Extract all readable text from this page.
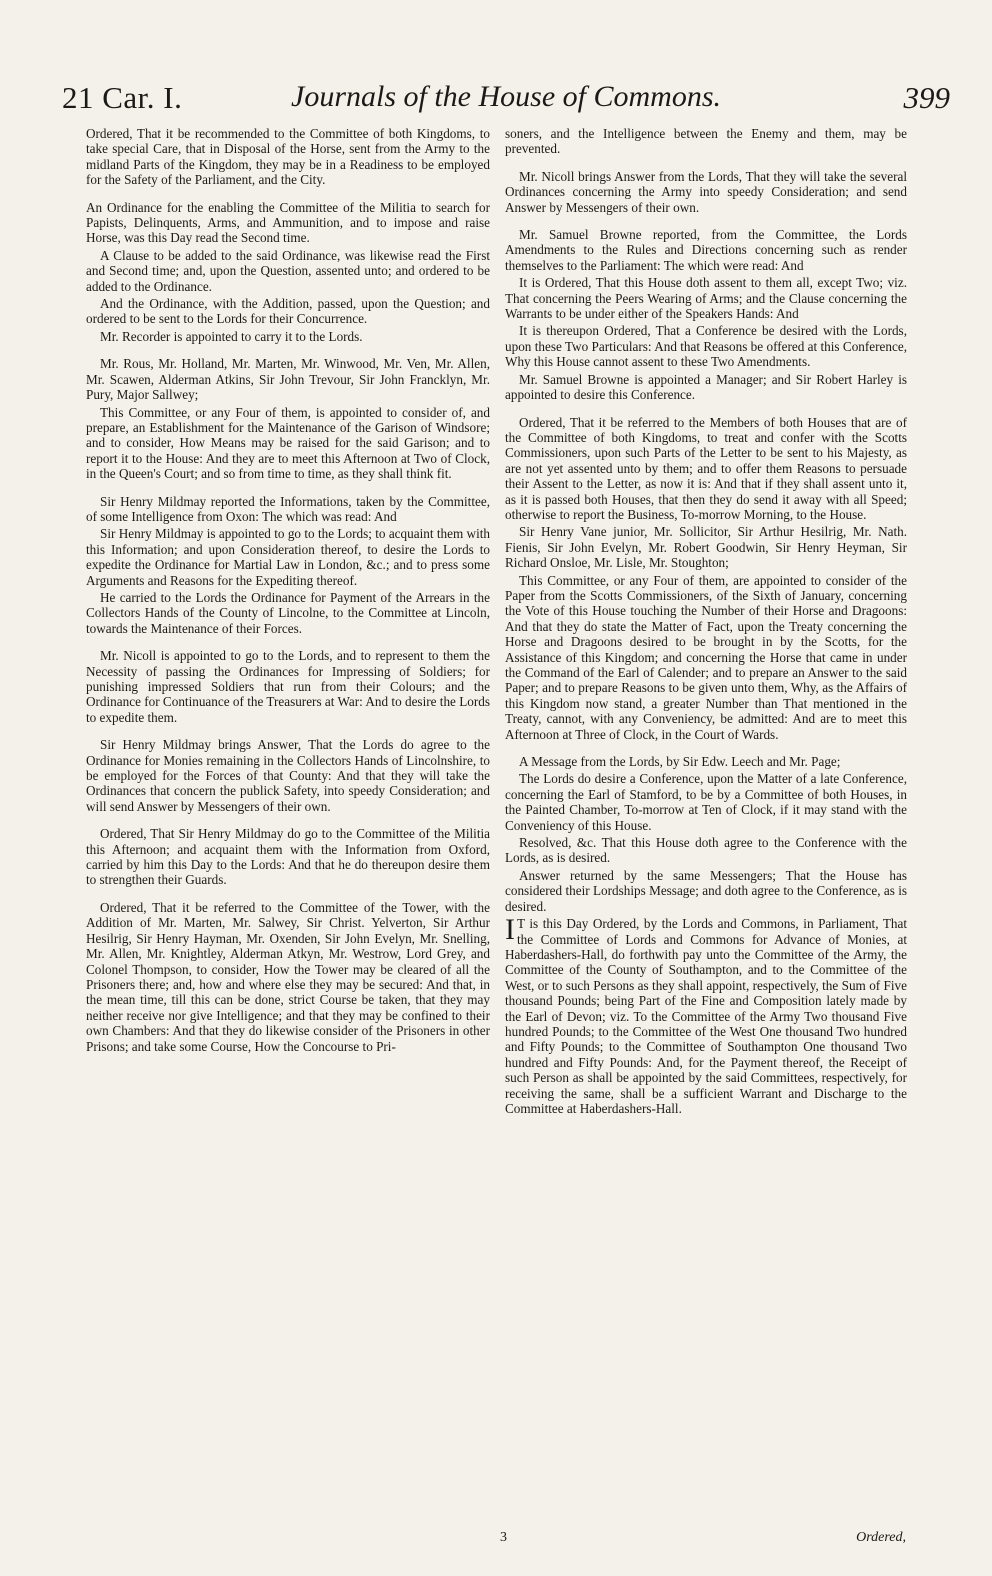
21 Car. I.	Journals of the House of Commons.	399

Ordered, That it be recommended to the Committee of both Kingdoms, to take special Care, that in Disposal of the Horse, sent from the Army to the midland Parts of the Kingdom, they may be in a Readiness to be employed for the Safety of the Parliament, and the City.

An Ordinance for the enabling the Committee of the Militia to search for Papists, Delinquents, Arms, and Ammunition, and to impose and raise Horse, was this Day read the Second time.

A Clause to be added to the said Ordinance, was likewise read the First and Second time; and, upon the Question, assented unto; and ordered to be added to the Ordinance.

And the Ordinance, with the Addition, passed, upon the Question; and ordered to be sent to the Lords for their Concurrence.

Mr. Recorder is appointed to carry it to the Lords.

Mr. Rous, Mr. Holland, Mr. Marten, Mr. Winwood, Mr. Ven, Mr. Allen, Mr. Scawen, Alderman Atkins, Sir John Trevour, Sir John Francklyn, Mr. Pury, Major Sallwey;

This Committee, or any Four of them, is appointed to consider of, and prepare, an Establishment for the Maintenance of the Garison of Windsore; and to consider, How Means may be raised for the said Garison; and to report it to the House: And they are to meet this Afternoon at Two of Clock, in the Queen's Court; and so from time to time, as they shall think fit.

Sir Henry Mildmay reported the Informations, taken by the Committee, of some Intelligence from Oxon: The which was read: And

Sir Henry Mildmay is appointed to go to the Lords; to acquaint them with this Information; and upon Consideration thereof, to desire the Lords to expedite the Ordinance for Martial Law in London, &c.; and to press some Arguments and Reasons for the Expediting thereof.

He carried to the Lords the Ordinance for Payment of the Arrears in the Collectors Hands of the County of Lincolne, to the Committee at Lincoln, towards the Maintenance of their Forces.

Mr. Nicoll is appointed to go to the Lords, and to represent to them the Necessity of passing the Ordinances for Impressing of Soldiers; for punishing impressed Soldiers that run from their Colours; and the Ordinance for Continuance of the Treasurers at War: And to desire the Lords to expedite them.

Sir Henry Mildmay brings Answer, That the Lords do agree to the Ordinance for Monies remaining in the Collectors Hands of Lincolnshire, to be employed for the Forces of that County: And that they will take the Ordinances that concern the publick Safety, into speedy Consideration; and will send Answer by Messengers of their own.

Ordered, That Sir Henry Mildmay do go to the Committee of the Militia this Afternoon; and acquaint them with the Information from Oxford, carried by him this Day to the Lords: And that he do thereupon desire them to strengthen their Guards.

Ordered, That it be referred to the Committee of the Tower, with the Addition of Mr. Marten, Mr. Salwey, Sir Christ. Yelverton, Sir Arthur Hesilrig, Sir Henry Hayman, Mr. Oxenden, Sir John Evelyn, Mr. Snelling, Mr. Allen, Mr. Knightley, Alderman Atkyn, Mr. Westrow, Lord Grey, and Colonel Thompson, to consider, How the Tower may be cleared of all the Prisoners there; and, how and where else they may be secured: And that, in the mean time, till this can be done, strict Course be taken, that they may neither receive nor give Intelligence; and that they may be confined to their own Chambers: And that they do likewise consider of the Prisoners in other Prisons; and take some Course, How the Concourse to Pri-

soners, and the Intelligence between the Enemy and them, may be prevented.

Mr. Nicoll brings Answer from the Lords, That they will take the several Ordinances concerning the Army into speedy Consideration; and send Answer by Messengers of their own.

Mr. Samuel Browne reported, from the Committee, the Lords Amendments to the Rules and Directions concerning such as render themselves to the Parliament: The which were read: And

It is Ordered, That this House doth assent to them all, except Two; viz. That concerning the Peers Wearing of Arms; and the Clause concerning the Warrants to be under either of the Speakers Hands: And

It is thereupon Ordered, That a Conference be desired with the Lords, upon these Two Particulars: And that Reasons be offered at this Conference, Why this House cannot assent to these Two Amendments.

Mr. Samuel Browne is appointed a Manager; and Sir Robert Harley is appointed to desire this Conference.

Ordered, That it be referred to the Members of both Houses that are of the Committee of both Kingdoms, to treat and confer with the Scotts Commissioners, upon such Parts of the Letter to be sent to his Majesty, as are not yet assented unto by them; and to offer them Reasons to persuade their Assent to the Letter, as now it is: And that if they shall assent unto it, as it is passed both Houses, that then they do send it away with all Speed; otherwise to report the Business, To-morrow Morning, to the House.

Sir Henry Vane junior, Mr. Sollicitor, Sir Arthur Hesilrig, Mr. Nath. Fienis, Sir John Evelyn, Mr. Robert Goodwin, Sir Henry Heyman, Sir Richard Onsloe, Mr. Lisle, Mr. Stoughton;

This Committee, or any Four of them, are appointed to consider of the Paper from the Scotts Commissioners, of the Sixth of January, concerning the Vote of this House touching the Number of their Horse and Dragoons: And that they do state the Matter of Fact, upon the Treaty concerning the Horse and Dragoons desired to be brought in by the Scotts, for the Assistance of this Kingdom; and concerning the Horse that came in under the Command of the Earl of Calender; and to prepare an Answer to the said Paper; and to prepare Reasons to be given unto them, Why, as the Affairs of this Kingdom now stand, a greater Number than That mentioned in the Treaty, cannot, with any Conveniency, be admitted: And are to meet this Afternoon at Three of Clock, in the Court of Wards.

A Message from the Lords, by Sir Edw. Leech and Mr. Page;

The Lords do desire a Conference, upon the Matter of a late Conference, concerning the Earl of Stamford, to be by a Committee of both Houses, in the Painted Chamber, To-morrow at Ten of Clock, if it may stand with the Conveniency of this House.

Resolved, &c. That this House doth agree to the Conference with the Lords, as is desired.

Answer returned by the same Messengers; That the House has considered their Lordships Message; and doth agree to the Conference, as is desired.

I T is this Day Ordered, by the Lords and Commons, in Parliament, That the Committee of Lords and Commons for Advance of Monies, at Haberdashers-Hall, do forthwith pay unto the Committee of the Army, the Committee of the County of Southampton, and to the Committee of the West, or to such Persons as they shall appoint, respectively, the Sum of Five thousand Pounds; being Part of the Fine and Composition lately made by the Earl of Devon; viz. To the Committee of the Army Two thousand Five hundred Pounds; to the Committee of the West One thousand Two hundred and Fifty Pounds; to the Committee of Southampton One thousand Two hundred and Fifty Pounds: And, for the Payment thereof, the Receipt of such Person as shall be appointed by the said Committees, respectively, for receiving the same, shall be a sufficient Warrant and Discharge to the Committee at Haberdashers-Hall.

3	Ordered,
